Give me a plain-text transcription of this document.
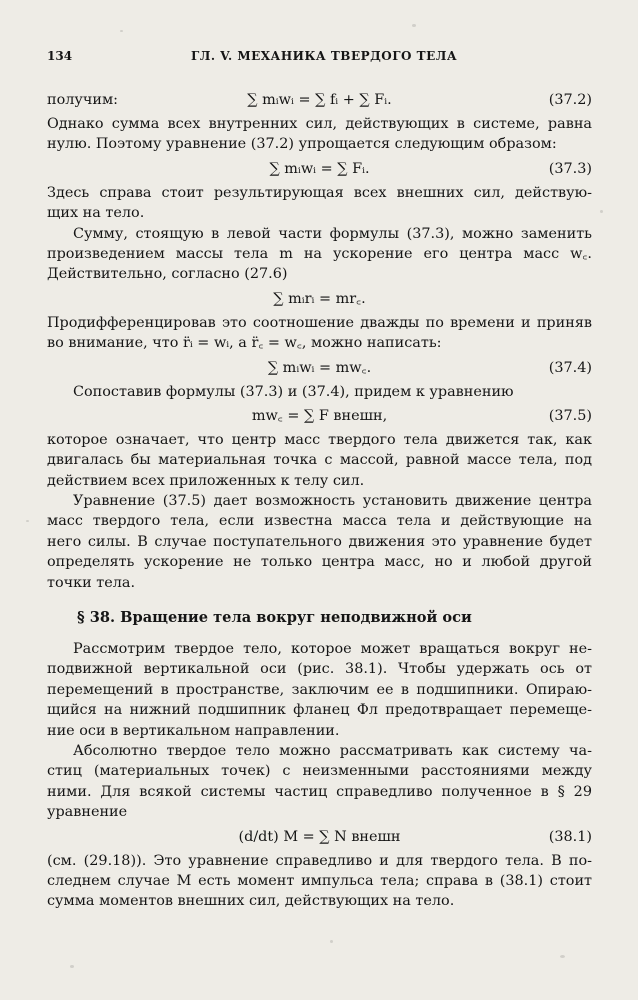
134	ГЛ. V. МЕХАНИКА ТВЕРДОГО ТЕЛА
получим:	∑ mᵢwᵢ = ∑ fᵢ + ∑ Fᵢ.	(37.2)
Однако сумма всех внутренних сил, действующих в системе, равна
нулю. Поэтому уравнение (37.2) упрощается следующим образом:
∑ mᵢwᵢ = ∑ Fᵢ.	(37.3)
Здесь справа стоит результирующая всех внешних сил, действую-
щих на тело.
Сумму, стоящую в левой части формулы (37.3), можно заменить
произведением массы тела m на ускорение его центра масс w꜀.
Действительно, согласно (27.6)
∑ mᵢrᵢ = mr꜀.
Продифференцировав это соотношение дважды по времени и приняв
во внимание, что r̈ᵢ = wᵢ, а r̈꜀ = w꜀, можно написать:
∑ mᵢwᵢ = mw꜀.	(37.4)
Сопоставив формулы (37.3) и (37.4), придем к уравнению
mw꜀ = ∑ F внешн,	(37.5)
которое означает, что центр масс твердого тела движется так, как
двигалась бы материальная точка с массой, равной массе тела, под
действием всех приложенных к телу сил.
Уравнение (37.5) дает возможность установить движение центра
масс твердого тела, если известна масса тела и действующие на
него силы. В случае поступательного движения это уравнение будет
определять ускорение не только центра масс, но и любой другой
точки тела.
§ 38. Вращение тела вокруг неподвижной оси
Рассмотрим твердое тело, которое может вращаться вокруг не-
подвижной вертикальной оси (рис. 38.1). Чтобы удержать ось от
перемещений в пространстве, заключим ее в подшипники. Опираю-
щийся на нижний подшипник фланец Фл предотвращает перемеще-
ние оси в вертикальном направлении.
Абсолютно твердое тело можно рассматривать как систему ча-
стиц (материальных точек) с неизменными расстояниями между
ними. Для всякой системы частиц справедливо полученное в § 29
уравнение
(d/dt) M = ∑ N внешн	(38.1)
(см. (29.18)). Это уравнение справедливо и для твердого тела. В по-
следнем случае M есть момент импульса тела; справа в (38.1) стоит
сумма моментов внешних сил, действующих на тело.
